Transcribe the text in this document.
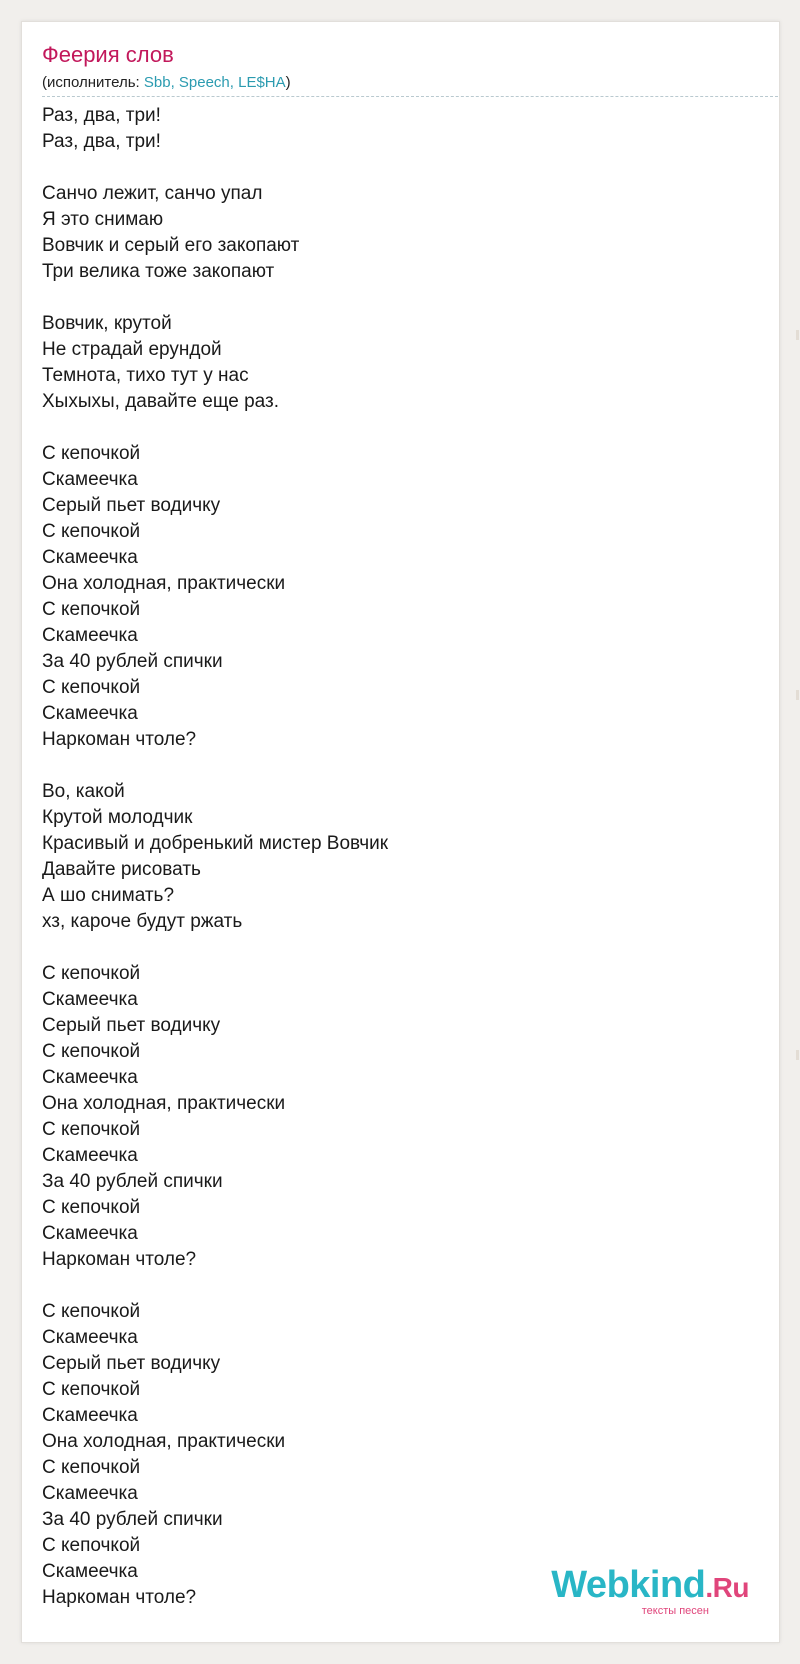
Феерия слов
(исполнитель: Sbb, Speech, LE$HA)
Раз, два, три!
Раз, два, три!
Санчо лежит, санчо упал
Я это снимаю
Вовчик и серый его закопают
Три велика тоже закопают
Вовчик, крутой
Не страдай ерундой
Темнота, тихо тут у нас
Хыхыхы, давайте еще раз.
С кепочкой
Скамеечка
Серый пьет водичку
С кепочкой
Скамеечка
Она холодная, практически
С кепочкой
Скамеечка
За 40 рублей спички
С кепочкой
Скамеечка
Наркоман чтоле?
Во, какой
Крутой молодчик
Красивый и добренький мистер Вовчик
Давайте рисовать
А шо снимать?
хз, кароче будут ржать
С кепочкой
Скамеечка
Серый пьет водичку
С кепочкой
Скамеечка
Она холодная, практически
С кепочкой
Скамеечка
За 40 рублей спички
С кепочкой
Скамеечка
Наркоман чтоле?
С кепочкой
Скамеечка
Серый пьет водичку
С кепочкой
Скамеечка
Она холодная, практически
С кепочкой
Скамеечка
За 40 рублей спички
С кепочкой
Скамеечка
Наркоман чтоле?	Webkind.Ru
тексты песен
